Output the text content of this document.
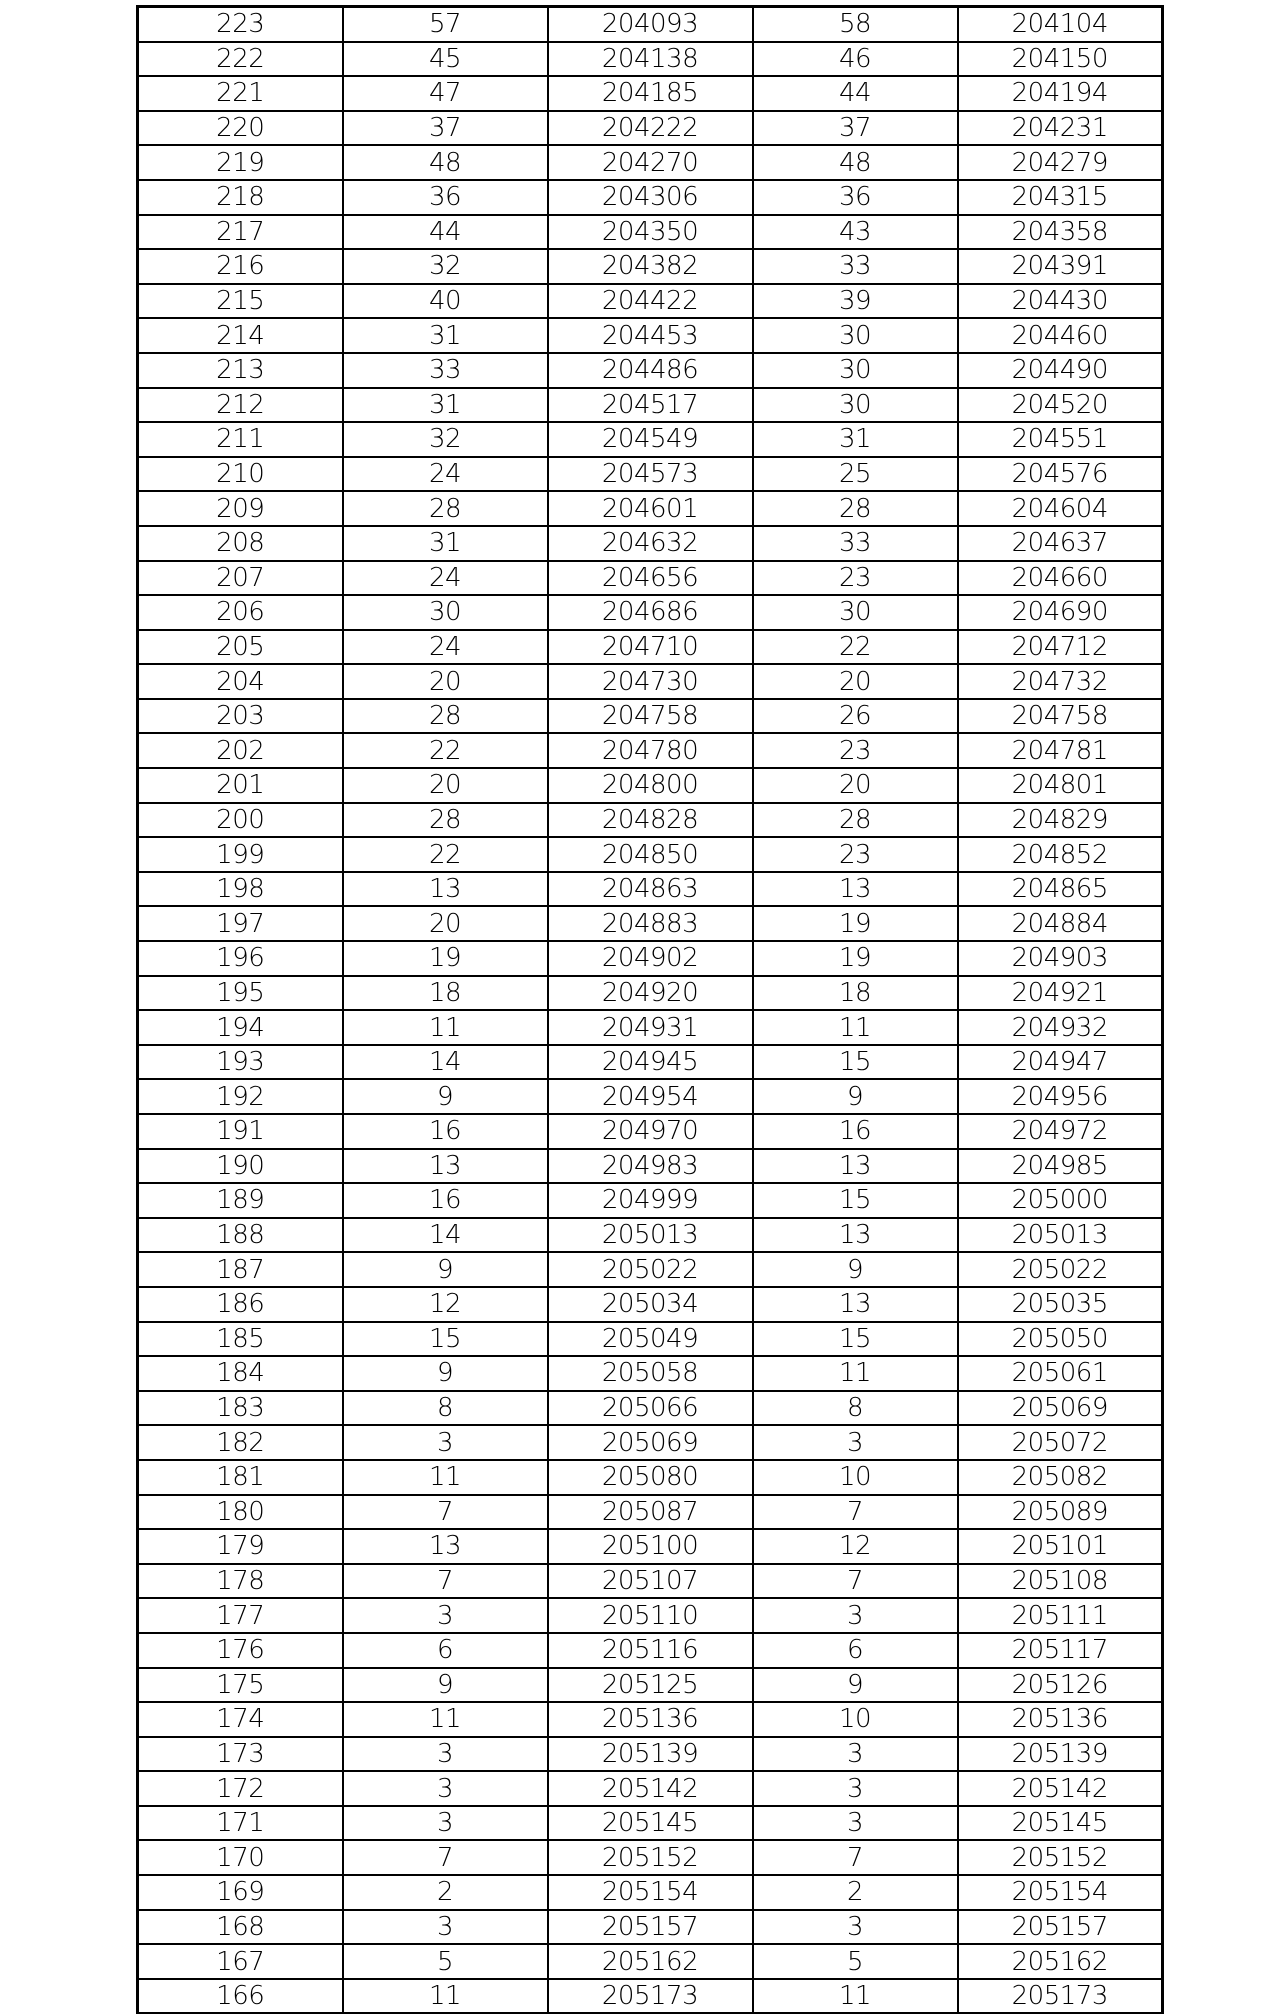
223	57	204093	58	204104
222	45	204138	46	204150
221	47	204185	44	204194
220	37	204222	37	204231
219	48	204270	48	204279
218	36	204306	36	204315
217	44	204350	43	204358
216	32	204382	33	204391
215	40	204422	39	204430
214	31	204453	30	204460
213	33	204486	30	204490
212	31	204517	30	204520
211	32	204549	31	204551
210	24	204573	25	204576
209	28	204601	28	204604
208	31	204632	33	204637
207	24	204656	23	204660
206	30	204686	30	204690
205	24	204710	22	204712
204	20	204730	20	204732
203	28	204758	26	204758
202	22	204780	23	204781
201	20	204800	20	204801
200	28	204828	28	204829
199	22	204850	23	204852
198	13	204863	13	204865
197	20	204883	19	204884
196	19	204902	19	204903
195	18	204920	18	204921
194	11	204931	11	204932
193	14	204945	15	204947
192	9	204954	9	204956
191	16	204970	16	204972
190	13	204983	13	204985
189	16	204999	15	205000
188	14	205013	13	205013
187	9	205022	9	205022
186	12	205034	13	205035
185	15	205049	15	205050
184	9	205058	11	205061
183	8	205066	8	205069
182	3	205069	3	205072
181	11	205080	10	205082
180	7	205087	7	205089
179	13	205100	12	205101
178	7	205107	7	205108
177	3	205110	3	205111
176	6	205116	6	205117
175	9	205125	9	205126
174	11	205136	10	205136
173	3	205139	3	205139
172	3	205142	3	205142
171	3	205145	3	205145
170	7	205152	7	205152
169	2	205154	2	205154
168	3	205157	3	205157
167	5	205162	5	205162
166	11	205173	11	205173
